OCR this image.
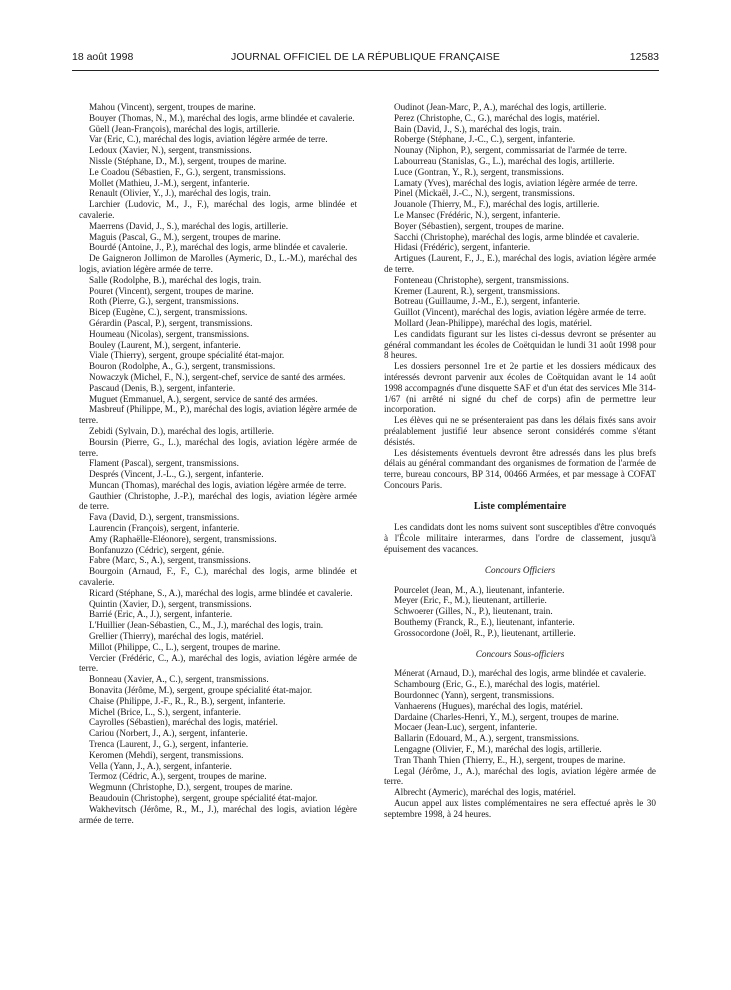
18 août 1998	JOURNAL OFFICIEL DE LA RÉPUBLIQUE FRANÇAISE	12583

Mahou (Vincent), sergent, troupes de marine.

Bouyer (Thomas, N., M.), maréchal des logis, arme blindée et cavalerie.

Güell (Jean-François), maréchal des logis, artillerie.

Var (Eric, C.), maréchal des logis, aviation légère armée de terre.

Ledoux (Xavier, N.), sergent, transmissions.

Nissle (Stéphane, D., M.), sergent, troupes de marine.

Le Coadou (Sébastien, F., G.), sergent, transmissions.

Mollet (Mathieu, J.-M.), sergent, infanterie.

Renault (Olivier, Y., J.), maréchal des logis, train.

Larchier (Ludovic, M., J., F.), maréchal des logis, arme blindée et cavalerie.

Maerrens (David, J., S.), maréchal des logis, artillerie.

Maguis (Pascal, G., M.), sergent, troupes de marine.

Bourdé (Antoine, J., P.), maréchal des logis, arme blindée et cavalerie.

De Gaigneron Jollimon de Marolles (Aymeric, D., L.-M.), maréchal des logis, aviation légère armée de terre.

Salle (Rodolphe, B.), maréchal des logis, train.

Pouret (Vincent), sergent, troupes de marine.

Roth (Pierre, G.), sergent, transmissions.

Bicep (Eugène, C.), sergent, transmissions.

Gérardin (Pascal, P.), sergent, transmissions.

Houmeau (Nicolas), sergent, transmissions.

Bouley (Laurent, M.), sergent, infanterie.

Viale (Thierry), sergent, groupe spécialité état-major.

Bouron (Rodolphe, A., G.), sergent, transmissions.

Nowaczyk (Michel, F., N.), sergent-chef, service de santé des armées.

Pascaud (Denis, B.), sergent, infanterie.

Muguet (Emmanuel, A.), sergent, service de santé des armées.

Masbreuf (Philippe, M., P.), maréchal des logis, aviation légère armée de terre.

Zebidi (Sylvain, D.), maréchal des logis, artillerie.

Boursin (Pierre, G., L.), maréchal des logis, aviation légère armée de terre.

Flament (Pascal), sergent, transmissions.

Després (Vincent, J.-L., G.), sergent, infanterie.

Muncan (Thomas), maréchal des logis, aviation légère armée de terre.

Gauthier (Christophe, J.-P.), maréchal des logis, aviation légère armée de terre.

Fava (David, D.), sergent, transmissions.

Laurencin (François), sergent, infanterie.

Amy (Raphaëlle-Eléonore), sergent, transmissions.

Bonfanuzzo (Cédric), sergent, génie.

Fabre (Marc, S., A.), sergent, transmissions.

Bourgoin (Arnaud, F., F., C.), maréchal des logis, arme blindée et cavalerie.

Ricard (Stéphane, S., A.), maréchal des logis, arme blindée et cavalerie.

Quintin (Xavier, D.), sergent, transmissions.

Barrié (Eric, A., J.), sergent, infanterie.

L'Huillier (Jean-Sébastien, C., M., J.), maréchal des logis, train.

Grellier (Thierry), maréchal des logis, matériel.

Millot (Philippe, C., L.), sergent, troupes de marine.

Vercier (Frédéric, C., A.), maréchal des logis, aviation légère armée de terre.

Bonneau (Xavier, A., C.), sergent, transmissions.

Bonavita (Jérôme, M.), sergent, groupe spécialité état-major.

Chaise (Philippe, J.-F., R., R., B.), sergent, infanterie.

Michel (Brice, L., S.), sergent, infanterie.

Cayrolles (Sébastien), maréchal des logis, matériel.

Cariou (Norbert, J., A.), sergent, infanterie.

Trenca (Laurent, J., G.), sergent, infanterie.

Keromen (Mehdi), sergent, transmissions.

Vella (Yann, J., A.), sergent, infanterie.

Termoz (Cédric, A.), sergent, troupes de marine.

Wegmunn (Christophe, D.), sergent, troupes de marine.

Beaudouin (Christophe), sergent, groupe spécialité état-major.

Wakhevitsch (Jérôme, R., M., J.), maréchal des logis, aviation légère armée de terre.

Oudinot (Jean-Marc, P., A.), maréchal des logis, artillerie.

Perez (Christophe, C., G.), maréchal des logis, matériel.

Bain (David, J., S.), maréchal des logis, train.

Roberge (Stéphane, J.-C., C.), sergent, infanterie.

Nounay (Niphon, P.), sergent, commissariat de l'armée de terre.

Labourreau (Stanislas, G., L.), maréchal des logis, artillerie.

Luce (Gontran, Y., R.), sergent, transmissions.

Lamaty (Yves), maréchal des logis, aviation légère armée de terre.

Pinel (Mickaël, J.-C., N.), sergent, transmissions.

Jouanole (Thierry, M., F.), maréchal des logis, artillerie.

Le Mansec (Frédéric, N.), sergent, infanterie.

Boyer (Sébastien), sergent, troupes de marine.

Sacchi (Christophe), maréchal des logis, arme blindée et cavalerie.

Hidasi (Frédéric), sergent, infanterie.

Artigues (Laurent, F., J., E.), maréchal des logis, aviation légère armée de terre.

Fonteneau (Christophe), sergent, transmissions.

Kremer (Laurent, R.), sergent, transmissions.

Botreau (Guillaume, J.-M., E.), sergent, infanterie.

Guillot (Vincent), maréchal des logis, aviation légère armée de terre.

Mollard (Jean-Philippe), maréchal des logis, matériel.

Les candidats figurant sur les listes ci-dessus devront se présenter au général commandant les écoles de Coëtquidan le lundi 31 août 1998 pour 8 heures.

Les dossiers personnel 1re et 2e partie et les dossiers médicaux des intéressés devront parvenir aux écoles de Coëtquidan avant le 14 août 1998 accompagnés d'une disquette SAF et d'un état des services Mle 314-1/67 (ni arrêté ni signé du chef de corps) afin de permettre leur incorporation.

Les élèves qui ne se présenteraient pas dans les délais fixés sans avoir préalablement justifié leur absence seront considérés comme s'étant désistés.

Les désistements éventuels devront être adressés dans les plus brefs délais au général commandant des organismes de formation de l'armée de terre, bureau concours, BP 314, 00466 Armées, et par message à COFAT Concours Paris.

Liste complémentaire

Les candidats dont les noms suivent sont susceptibles d'être convoqués à l'École militaire interarmes, dans l'ordre de classement, jusqu'à épuisement des vacances.

Concours Officiers

Pourcelet (Jean, M., A.), lieutenant, infanterie.

Meyer (Eric, F., M.), lieutenant, artillerie.

Schwoerer (Gilles, N., P.), lieutenant, train.

Bouthemy (Franck, R., E.), lieutenant, infanterie.

Grossocordone (Joël, R., P.), lieutenant, artillerie.

Concours Sous-officiers

Ménerat (Arnaud, D.), maréchal des logis, arme blindée et cavalerie.

Schambourg (Eric, G., E.), maréchal des logis, matériel.

Bourdonnec (Yann), sergent, transmissions.

Vanhaerens (Hugues), maréchal des logis, matériel.

Dardaine (Charles-Henri, Y., M.), sergent, troupes de marine.

Mocaer (Jean-Luc), sergent, infanterie.

Ballarin (Edouard, M., A.), sergent, transmissions.

Lengagne (Olivier, F., M.), maréchal des logis, artillerie.

Tran Thanh Thien (Thierry, E., H.), sergent, troupes de marine.

Legal (Jérôme, J., A.), maréchal des logis, aviation légère armée de terre.

Albrecht (Aymeric), maréchal des logis, matériel.

Aucun appel aux listes complémentaires ne sera effectué après le 30 septembre 1998, à 24 heures.
